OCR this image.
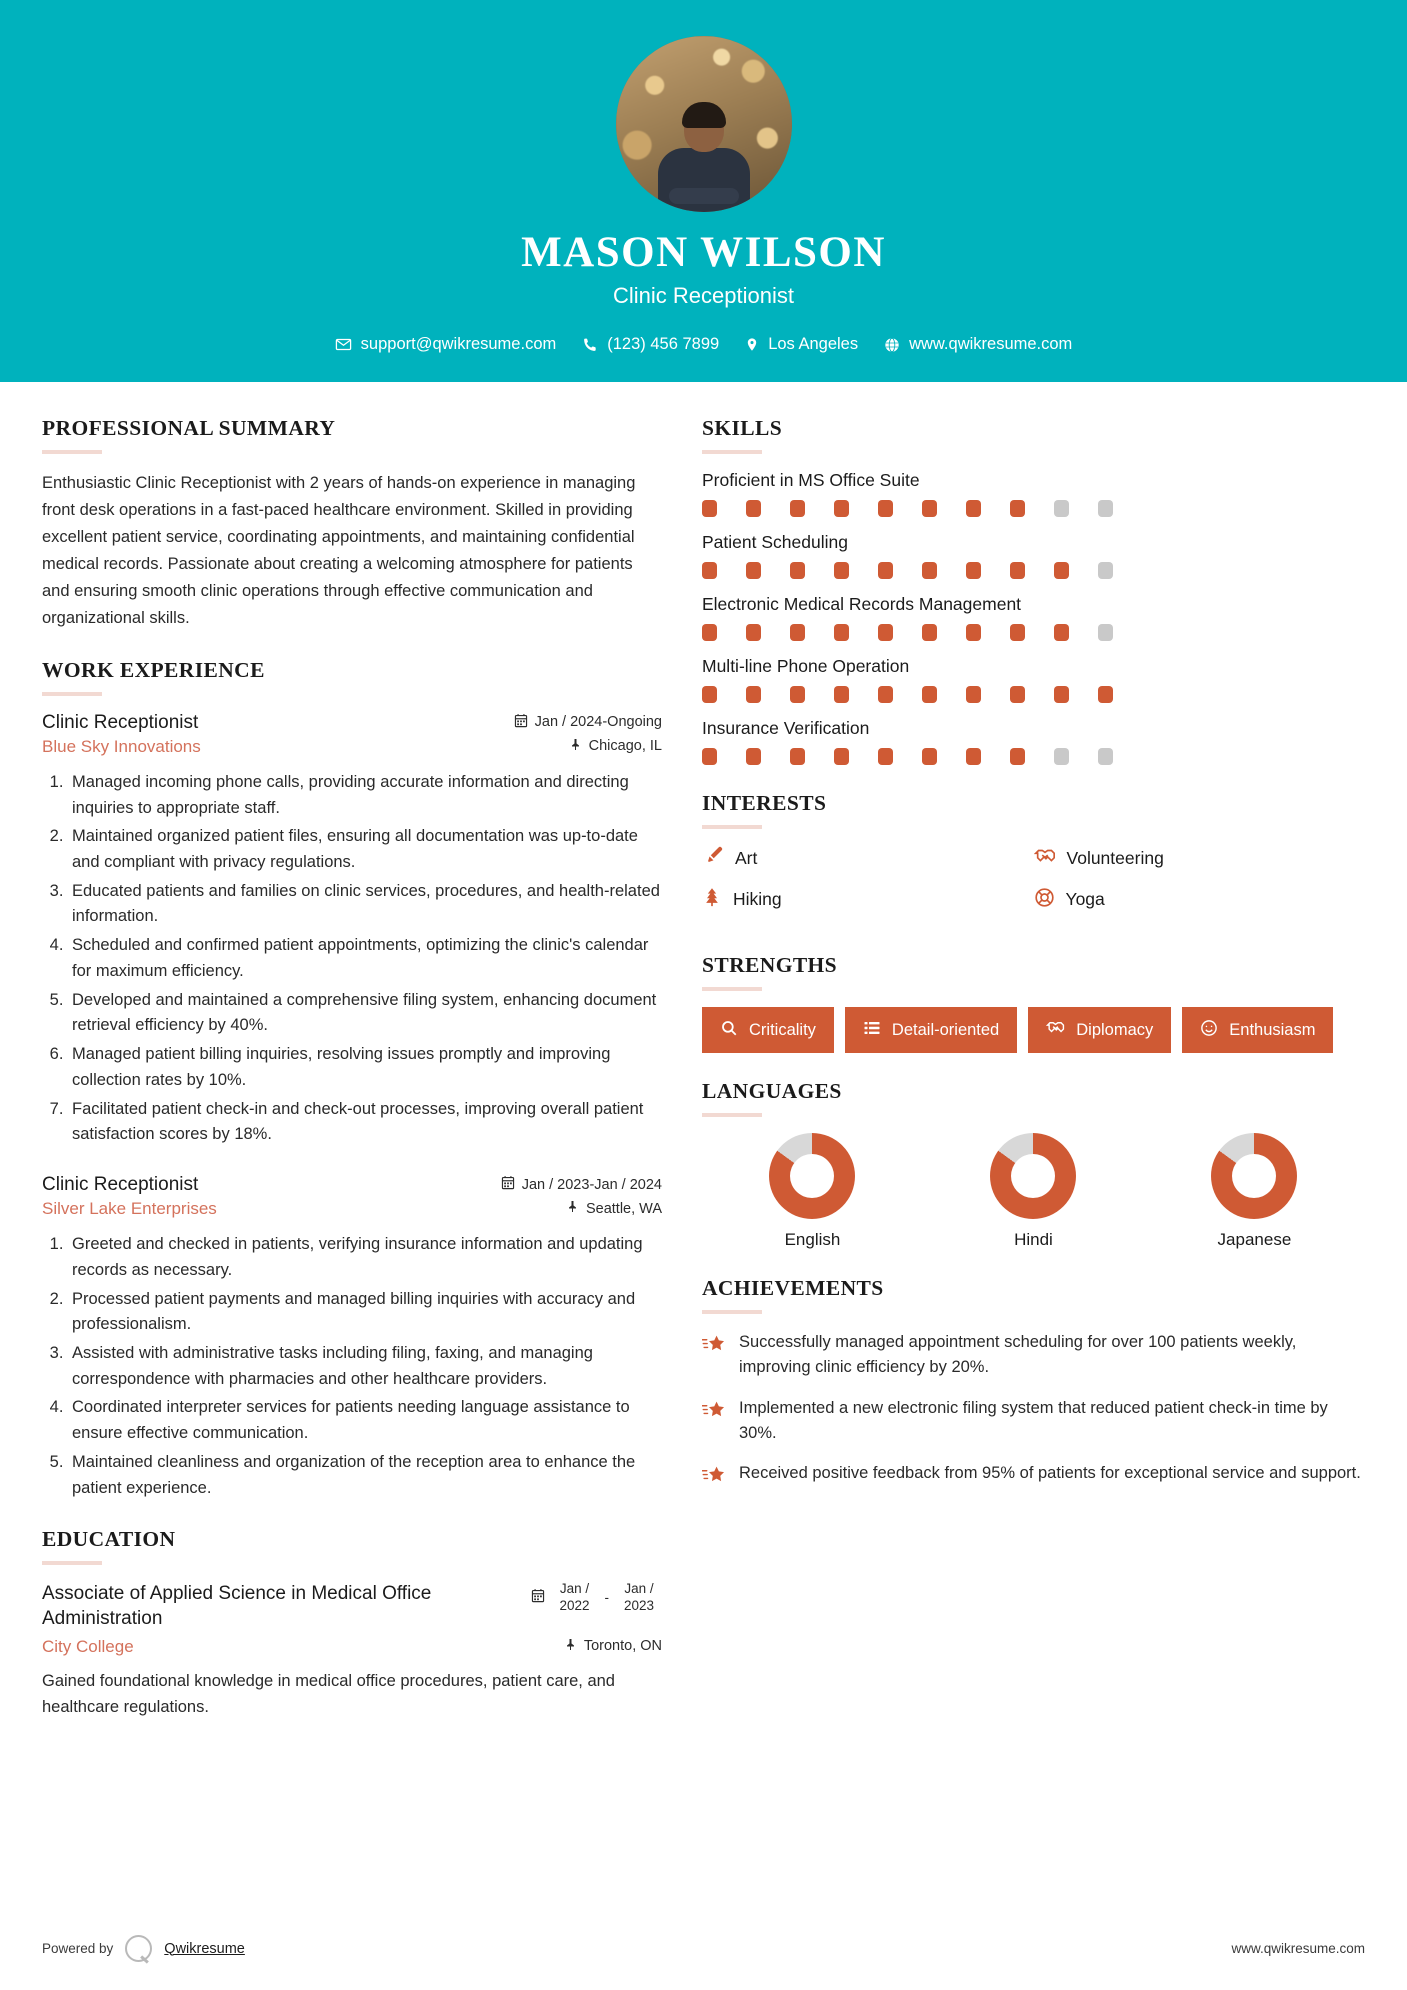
MASON WILSON
Clinic Receptionist
support@qwikresume.com	(123) 456 7899	Los Angeles	www.qwikresume.com
PROFESSIONAL SUMMARY
Enthusiastic Clinic Receptionist with 2 years of hands-on experience in managing front desk operations in a fast-paced healthcare environment. Skilled in providing excellent patient service, coordinating appointments, and maintaining confidential medical records. Passionate about creating a welcoming atmosphere for patients and ensuring smooth clinic operations through effective communication and organizational skills.
WORK EXPERIENCE
Clinic Receptionist	Jan / 2024-Ongoing
Blue Sky Innovations	Chicago, IL
1. Managed incoming phone calls, providing accurate information and directing inquiries to appropriate staff.
2. Maintained organized patient files, ensuring all documentation was up-to-date and compliant with privacy regulations.
3. Educated patients and families on clinic services, procedures, and health-related information.
4. Scheduled and confirmed patient appointments, optimizing the clinic's calendar for maximum efficiency.
5. Developed and maintained a comprehensive filing system, enhancing document retrieval efficiency by 40%.
6. Managed patient billing inquiries, resolving issues promptly and improving collection rates by 10%.
7. Facilitated patient check-in and check-out processes, improving overall patient satisfaction scores by 18%.
Clinic Receptionist	Jan / 2023-Jan / 2024
Silver Lake Enterprises	Seattle, WA
1. Greeted and checked in patients, verifying insurance information and updating records as necessary.
2. Processed patient payments and managed billing inquiries with accuracy and professionalism.
3. Assisted with administrative tasks including filing, faxing, and managing correspondence with pharmacies and other healthcare providers.
4. Coordinated interpreter services for patients needing language assistance to ensure effective communication.
5. Maintained cleanliness and organization of the reception area to enhance the patient experience.
EDUCATION
Associate of Applied Science in Medical Office Administration
Jan /
2022
-
Jan /
2023
City College	Toronto, ON
Gained foundational knowledge in medical office procedures, patient care, and healthcare regulations.
SKILLS
Proficient in MS Office Suite
Patient Scheduling
Electronic Medical Records Management
Multi-line Phone Operation
Insurance Verification
INTERESTS
Art	Volunteering
Hiking	Yoga
STRENGTHS
Criticality	Detail-oriented	Diplomacy	Enthusiasm
LANGUAGES
English	Hindi	Japanese
ACHIEVEMENTS
Successfully managed appointment scheduling for over 100 patients weekly, improving clinic efficiency by 20%.
Implemented a new electronic filing system that reduced patient check-in time by 30%.
Received positive feedback from 95% of patients for exceptional service and support.
Powered by	Qwikresume	www.qwikresume.com
